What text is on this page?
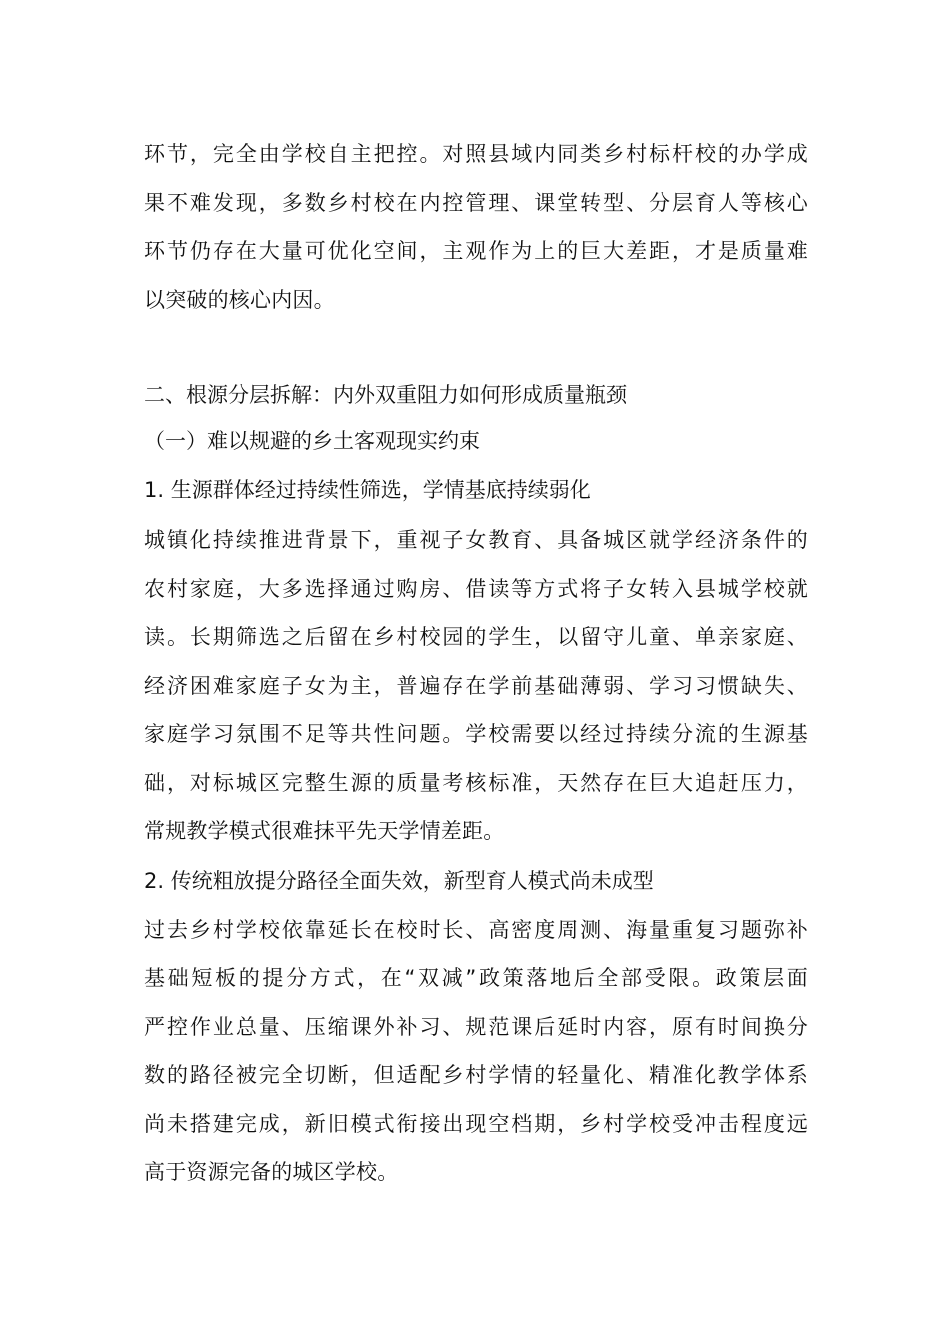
环节，完全由学校自主把控。对照县域内同类乡村标杆校的办学成
果不难发现，多数乡村校在内控管理、课堂转型、分层育人等核心
环节仍存在大量可优化空间，主观作为上的巨大差距，才是质量难
以突破的核心内因。

二、根源分层拆解：内外双重阻力如何形成质量瓶颈

（一）难以规避的乡土客观现实约束

1. 生源群体经过持续性筛选，学情基底持续弱化

城镇化持续推进背景下，重视子女教育、具备城区就学经济条件的
农村家庭，大多选择通过购房、借读等方式将子女转入县城学校就
读。长期筛选之后留在乡村校园的学生，以留守儿童、单亲家庭、
经济困难家庭子女为主，普遍存在学前基础薄弱、学习习惯缺失、
家庭学习氛围不足等共性问题。学校需要以经过持续分流的生源基
础，对标城区完整生源的质量考核标准，天然存在巨大追赶压力，
常规教学模式很难抹平先天学情差距。

2. 传统粗放提分路径全面失效，新型育人模式尚未成型

过去乡村学校依靠延长在校时长、高密度周测、海量重复习题弥补
基础短板的提分方式，在“双减”政策落地后全部受限。政策层面
严控作业总量、压缩课外补习、规范课后延时内容，原有时间换分
数的路径被完全切断，但适配乡村学情的轻量化、精准化教学体系
尚未搭建完成，新旧模式衔接出现空档期，乡村学校受冲击程度远
高于资源完备的城区学校。
